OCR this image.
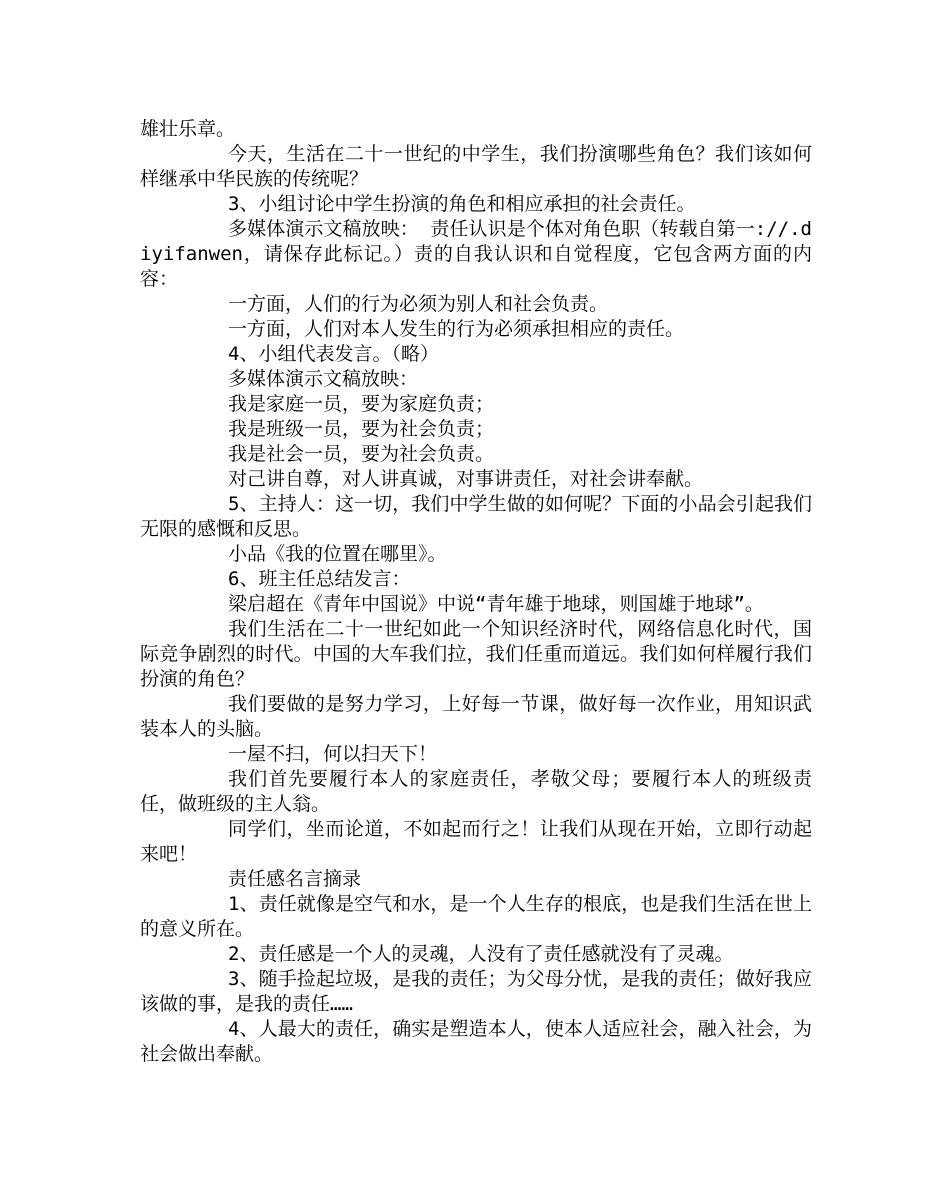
雄壮乐章。

今天，生活在二十一世纪的中学生，我们扮演哪些角色？我们该如何样继承中华民族的传统呢？

3、小组讨论中学生扮演的角色和相应承担的社会责任。

多媒体演示文稿放映： 责任认识是个体对角色职（转载自第一://.diyifanwen，请保存此标记。）责的自我认识和自觉程度，它包含两方面的内容：

一方面，人们的行为必须为别人和社会负责。

一方面，人们对本人发生的行为必须承担相应的责任。

4、小组代表发言。（略）

多媒体演示文稿放映：

我是家庭一员，要为家庭负责；

我是班级一员，要为社会负责；

我是社会一员，要为社会负责。

对己讲自尊，对人讲真诚，对事讲责任，对社会讲奉献。

5、主持人：这一切，我们中学生做的如何呢？下面的小品会引起我们无限的感慨和反思。

小品《我的位置在哪里》。

6、班主任总结发言：

梁启超在《青年中国说》中说“青年雄于地球，则国雄于地球”。

我们生活在二十一世纪如此一个知识经济时代，网络信息化时代，国际竞争剧烈的时代。中国的大车我们拉，我们任重而道远。我们如何样履行我们扮演的角色？

我们要做的是努力学习，上好每一节课，做好每一次作业，用知识武装本人的头脑。

一屋不扫，何以扫天下！

我们首先要履行本人的家庭责任，孝敬父母；要履行本人的班级责任，做班级的主人翁。

同学们，坐而论道，不如起而行之！让我们从现在开始，立即行动起来吧！

责任感名言摘录

1、责任就像是空气和水，是一个人生存的根底，也是我们生活在世上的意义所在。

2、责任感是一个人的灵魂，人没有了责任感就没有了灵魂。

3、随手捡起垃圾，是我的责任；为父母分忧，是我的责任；做好我应该做的事，是我的责任……

4、人最大的责任，确实是塑造本人，使本人适应社会，融入社会，为社会做出奉献。
